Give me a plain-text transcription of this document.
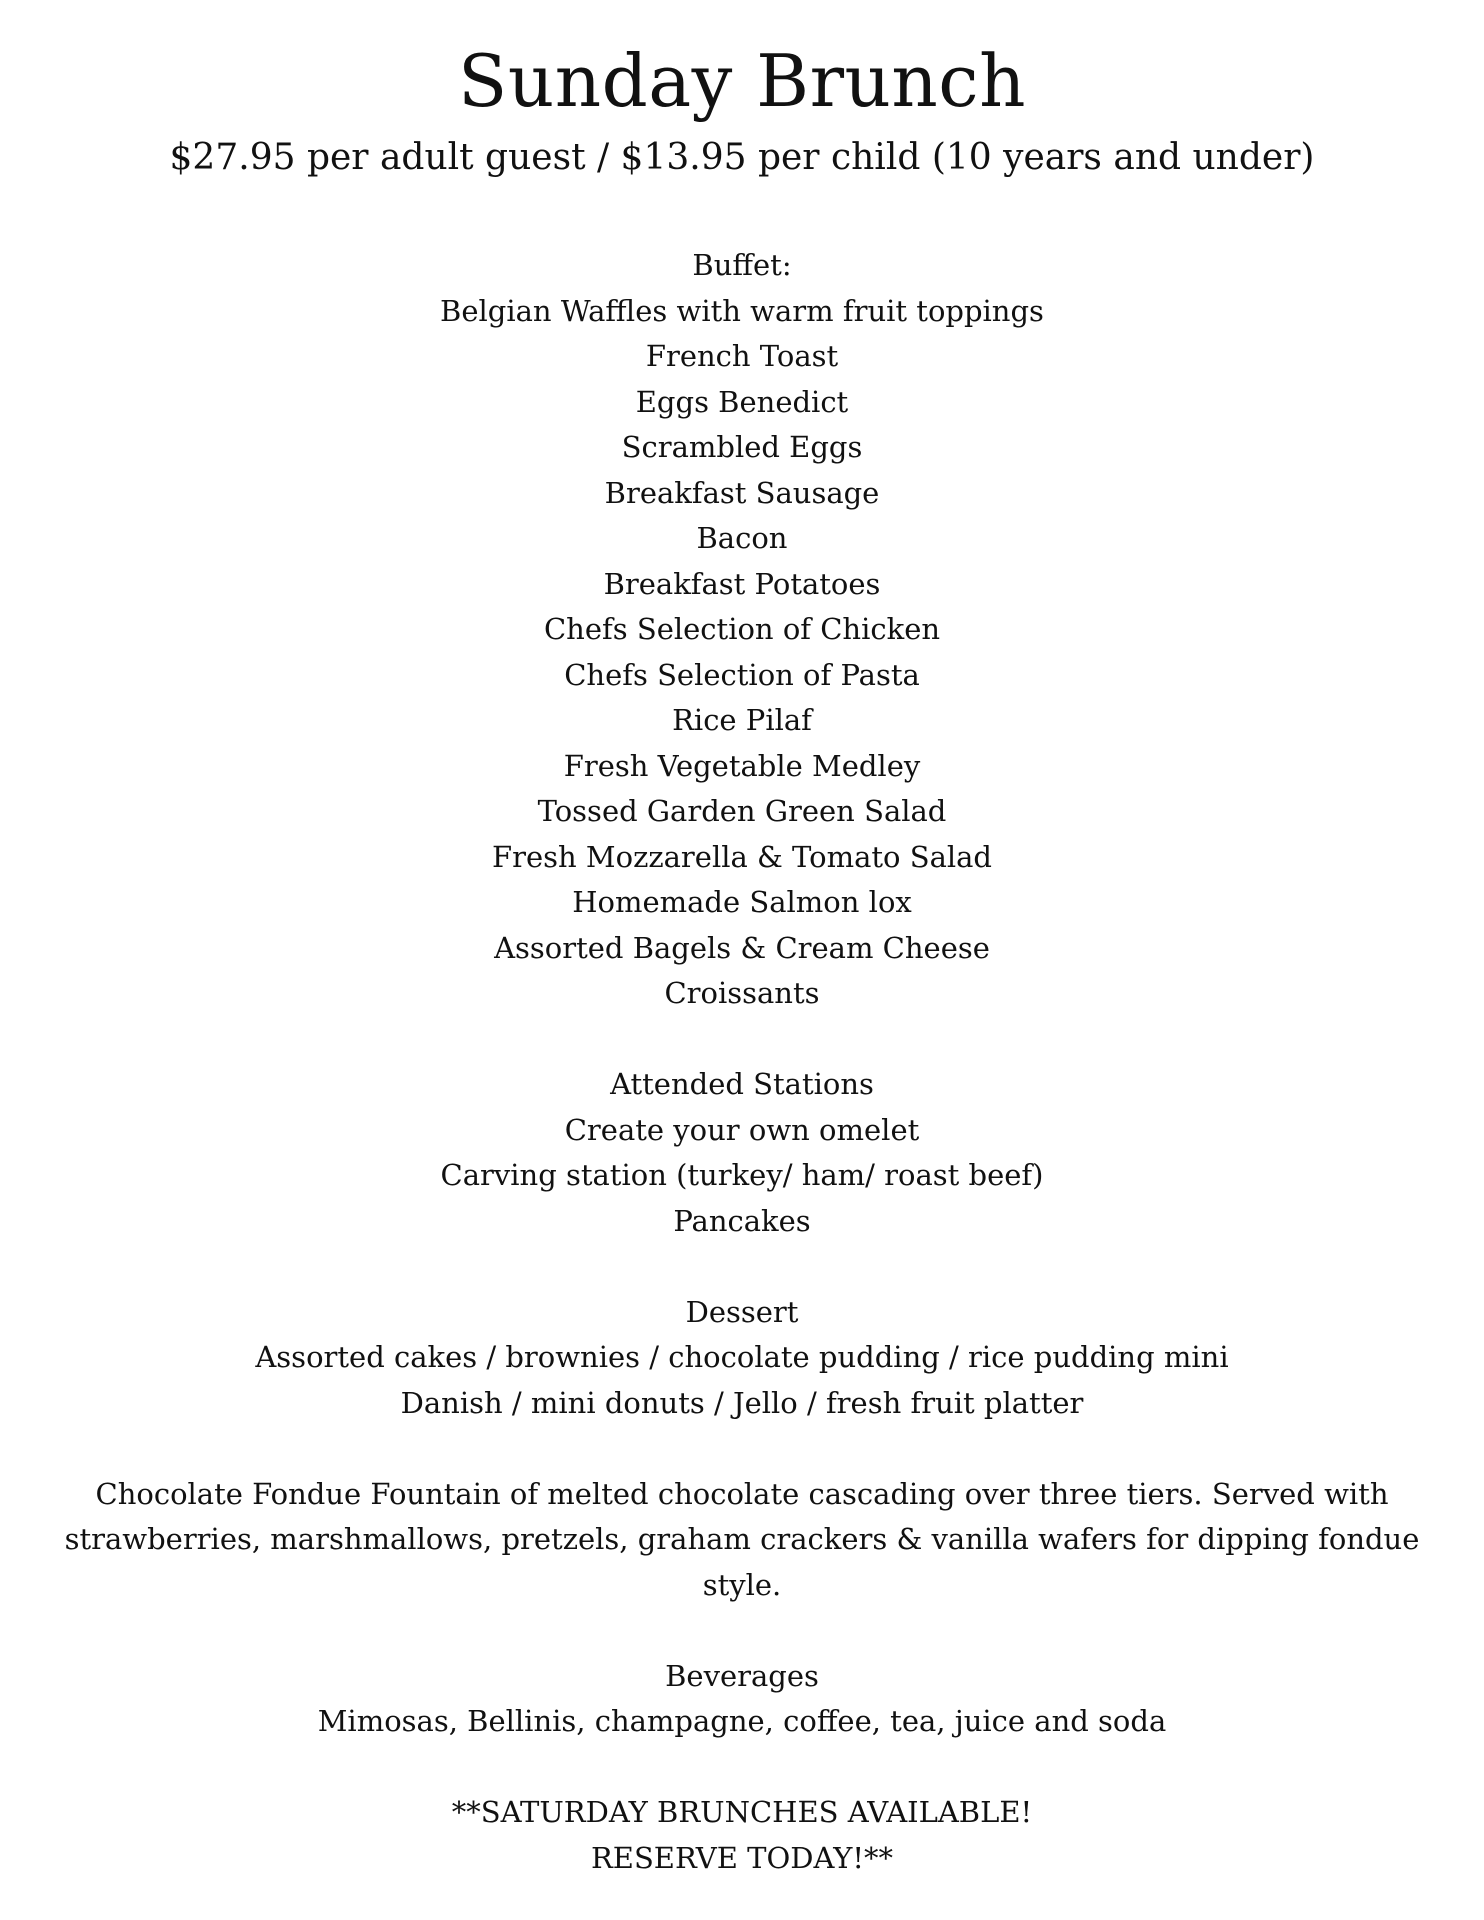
Sunday Brunch
$27.95 per adult guest / $13.95 per child (10 years and under)
Buffet:
Belgian Waffles with warm fruit toppings
French Toast
Eggs Benedict
Scrambled Eggs
Breakfast Sausage
Bacon
Breakfast Potatoes
Chefs Selection of Chicken
Chefs Selection of Pasta
Rice Pilaf
Fresh Vegetable Medley
Tossed Garden Green Salad
Fresh Mozzarella & Tomato Salad
Homemade Salmon lox
Assorted Bagels & Cream Cheese
Croissants
Attended Stations
Create your own omelet
Carving station (turkey/ ham/ roast beef)
Pancakes
Dessert
Assorted cakes / brownies / chocolate pudding / rice pudding mini
Danish / mini donuts / Jello / fresh fruit platter
Chocolate Fondue Fountain of melted chocolate cascading over three tiers. Served with strawberries, marshmallows, pretzels, graham crackers & vanilla wafers for dipping fondue style.
Beverages
Mimosas, Bellinis, champagne, coffee, tea, juice and soda
**SATURDAY BRUNCHES AVAILABLE!
RESERVE TODAY!**
